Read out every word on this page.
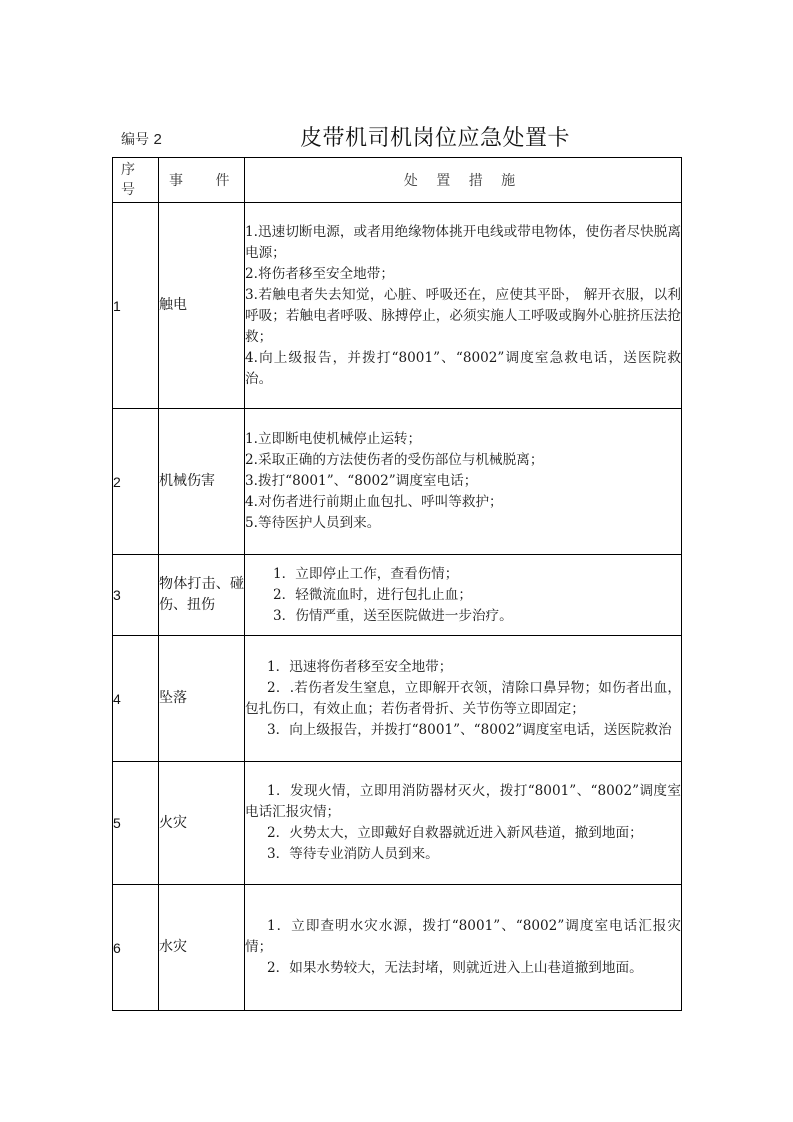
编号 2	皮带机司机岗位应急处置卡
序号	事 件	处 置 措 施
1	触电	1.迅速切断电源，或者用绝缘物体挑开电线或带电物体，使伤者尽快脱离电源；

2.将伤者移至安全地带；

3.若触电者失去知觉，心脏、呼吸还在，应使其平卧， 解开衣服，以利呼吸；若触电者呼吸、脉搏停止，必须实施人工呼吸或胸外心脏挤压法抢救；

4.向上级报告，并拨打“8001”、“8002”调度室急救电话，送医院救治。

2	机械伤害	1.立即断电使机械停止运转；

2.采取正确的方法使伤者的受伤部位与机械脱离；

3.拨打“8001”、“8002”调度室电话；

4.对伤者进行前期止血包扎、呼叫等救护；

5.等待医护人员到来。

3	物体打击、碰伤、扭伤	1．立即停止工作，查看伤情；

2．轻微流血时，进行包扎止血；

3．伤情严重，送至医院做进一步治疗。

4	坠落	1．迅速将伤者移至安全地带；

2．.若伤者发生窒息，立即解开衣领，清除口鼻异物；如伤者出血，包扎伤口，有效止血；若伤者骨折、关节伤等立即固定；

3．向上级报告，并拨打“8001”、“8002”调度室电话，送医院救治

5	火灾	1．发现火情，立即用消防器材灭火，拨打“8001”、“8002”调度室电话汇报灾情；

2．火势太大，立即戴好自救器就近进入新风巷道，撤到地面；

3．等待专业消防人员到来。

6	水灾	1．立即查明水灾水源，拨打“8001”、“8002”调度室电话汇报灾情；

2．如果水势较大，无法封堵，则就近进入上山巷道撤到地面。
